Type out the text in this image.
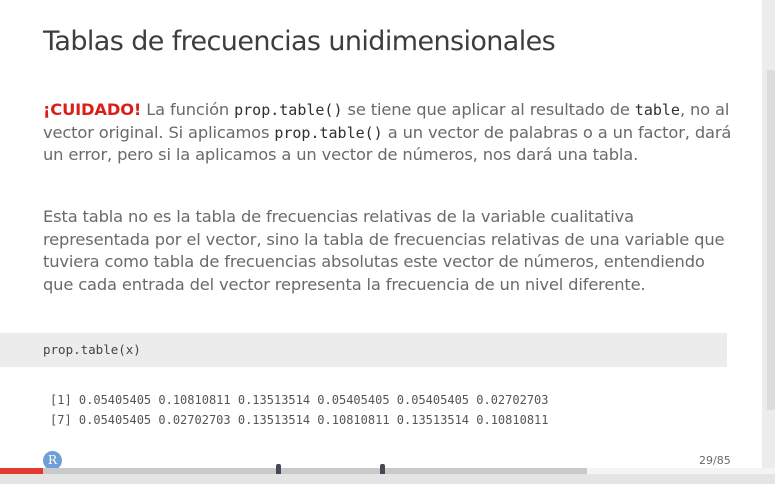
Tablas de frecuencias unidimensionales
¡CUIDADO! La función prop.table() se tiene que aplicar al resultado de table, no al vector original. Si aplicamos prop.table() a un vector de palabras o a un factor, dará un error, pero si la aplicamos a un vector de números, nos dará una tabla.
Esta tabla no es la tabla de frecuencias relativas de la variable cualitativa representada por el vector, sino la tabla de frecuencias relativas de una variable que tuviera como tabla de frecuencias absolutas este vector de números, entendiendo que cada entrada del vector representa la frecuencia de un nivel diferente.
prop.table(x)
[1] 0.05405405 0.10810811 0.13513514 0.05405405 0.05405405 0.02702703
[7] 0.05405405 0.02702703 0.13513514 0.10810811 0.13513514 0.10810811
R	29/85
